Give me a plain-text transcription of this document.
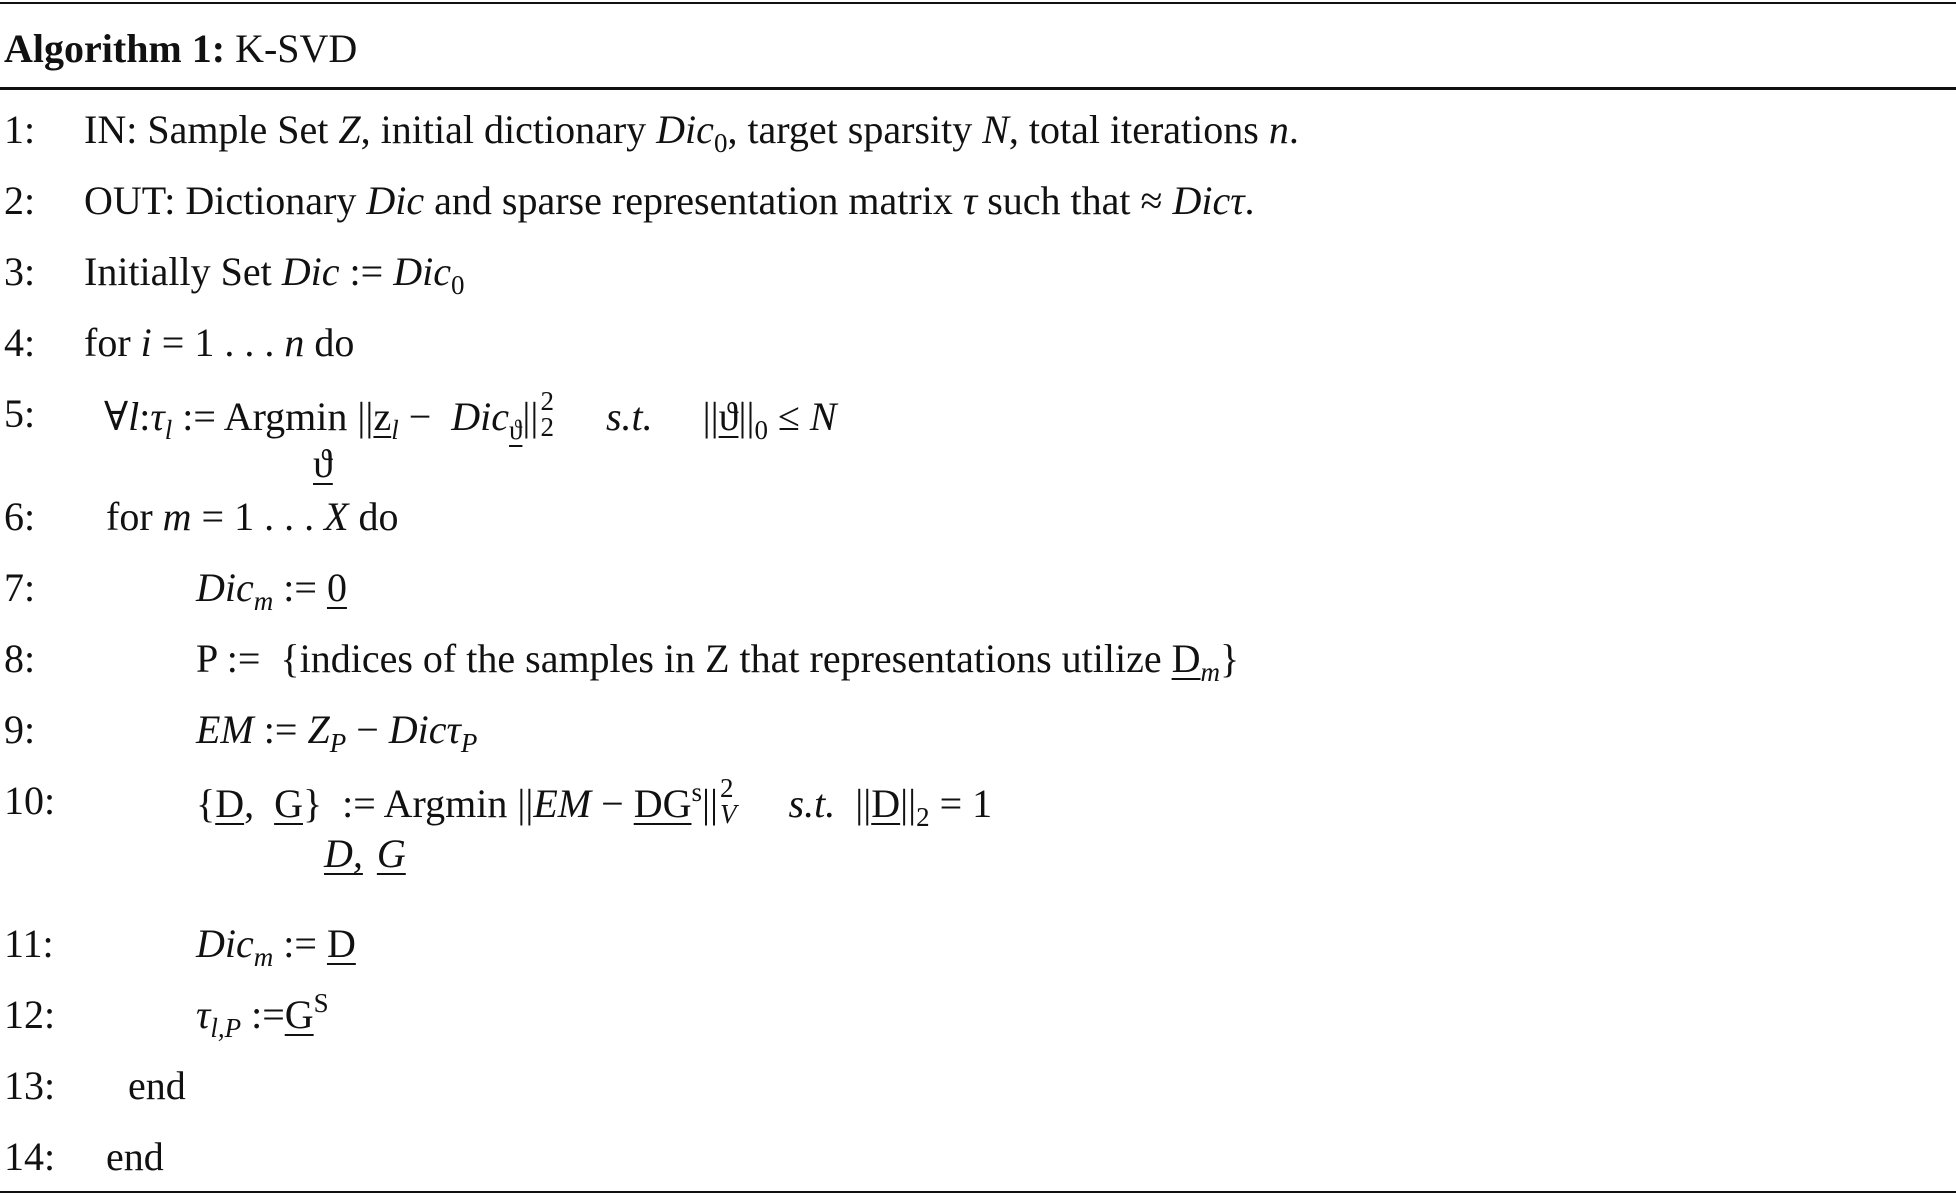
Algorithm 1: K-SVD
1: IN: Sample Set Z, initial dictionary Dic$_0$, target sparsity N, total iterations n.
2: OUT: Dictionary Dic and sparse representation matrix τ such that ≈ Dicτ.
3: Initially Set Dic := Dic$_0$
4: for i = 1 . . . n do
5: $\forall l:\tau_l$ := Argmin $||z_l - Dic_ϑ||$ 2
2 s.t. $||ϑ||_0 \le N$
ϑ
6: for m = 1 . . . X do
7:	Dic$_m$ := 0
8:	P :=  {indices of the samples in Z that representations utilize $D_m$}
9:	EM := $Z_P - Dic\tau_P$
10:	{D,  G}  := Argmin $||EM - DG^s||$ 2
V s.t.  $||D||_2 = 1$
D, G
11:	Dic$_m$ := D
12:	$\tau_{l,P}$ $:=G^S$
13: end
14: end
